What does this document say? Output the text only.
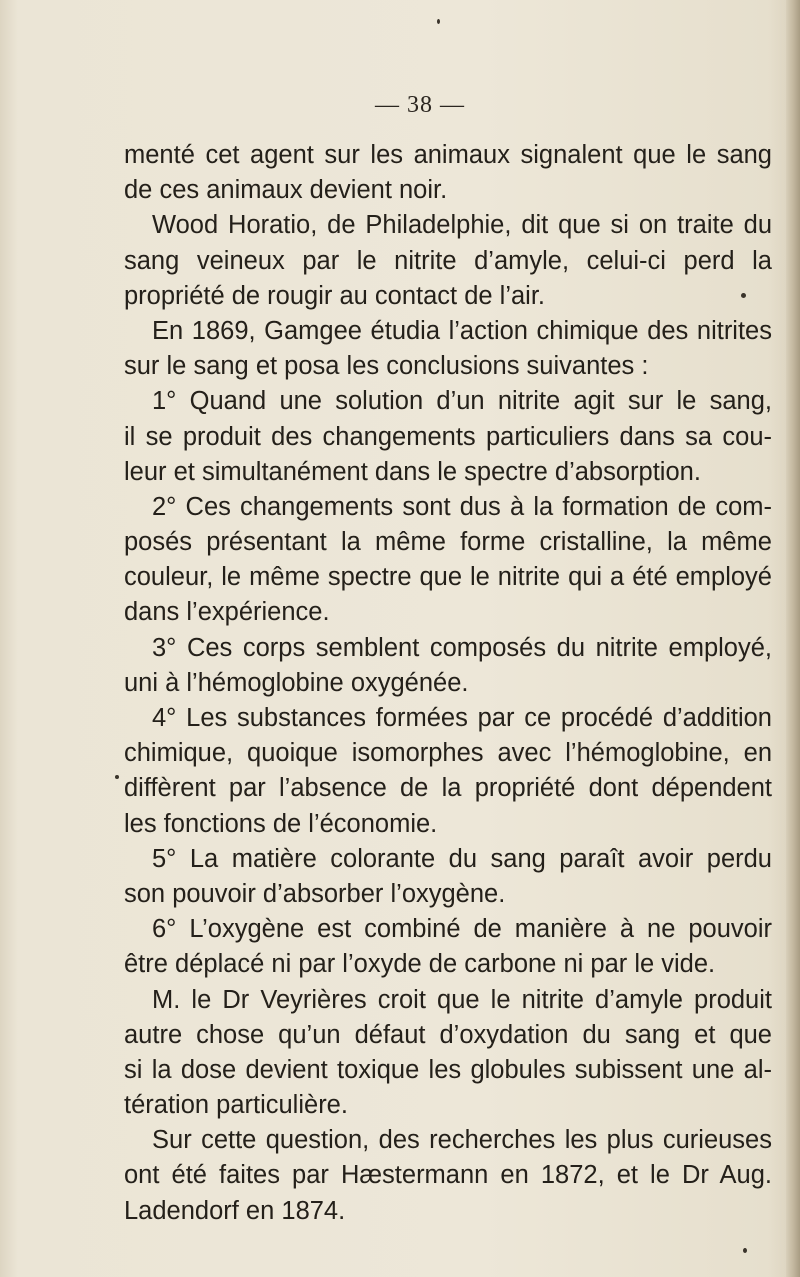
— 38 —
menté cet agent sur les animaux signalent que le sang
de ces animaux devient noir.
Wood Horatio, de Philadelphie, dit que si on traite du
sang veineux par le nitrite d’amyle, celui-ci perd la
propriété de rougir au contact de l’air.
En 1869, Gamgee étudia l’action chimique des nitrites
sur le sang et posa les conclusions suivantes :
1° Quand une solution d’un nitrite agit sur le sang,
il se produit des changements particuliers dans sa cou-
leur et simultanément dans le spectre d’absorption.
2° Ces changements sont dus à la formation de com-
posés présentant la même forme cristalline, la même
couleur, le même spectre que le nitrite qui a été employé
dans l’expérience.
3° Ces corps semblent composés du nitrite employé,
uni à l’hémoglobine oxygénée.
4° Les substances formées par ce procédé d’addition
chimique, quoique isomorphes avec l’hémoglobine, en
diffèrent par l’absence de la propriété dont dépendent
les fonctions de l’économie.
5° La matière colorante du sang paraît avoir perdu
son pouvoir d’absorber l’oxygène.
6° L’oxygène est combiné de manière à ne pouvoir
être déplacé ni par l’oxyde de carbone ni par le vide.
M. le Dr Veyrières croit que le nitrite d’amyle produit
autre chose qu’un défaut d’oxydation du sang et que
si la dose devient toxique les globules subissent une al-
tération particulière.
Sur cette question, des recherches les plus curieuses
ont été faites par Hæstermann en 1872, et le Dr Aug.
Ladendorf en 1874.
